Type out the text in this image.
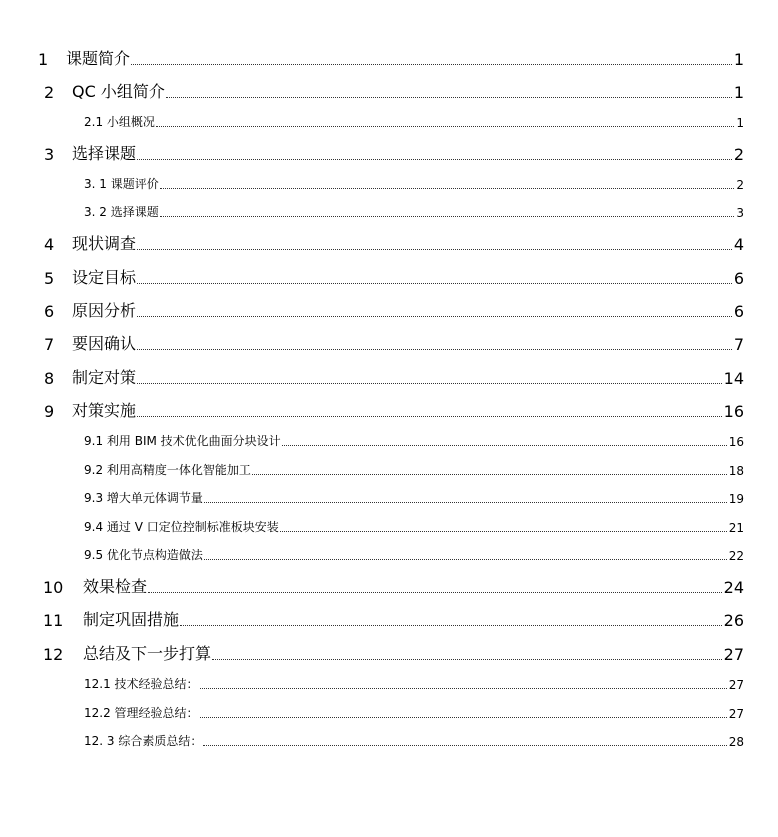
1	课题简介	1
2	QC 小组简介	1
2.1 小组概况	1
3	选择课题	2
3. 1 课题评价	2
3. 2 选择课题	3
4	现状调查	4
5	设定目标	6
6	原因分析	6
7	要因确认	7
8	制定对策	14
9	对策实施	16
9.1 利用 BIM 技术优化曲面分块设计	16
9.2 利用高精度一体化智能加工	18
9.3 增大单元体调节量	19
9.4 通过 V 口定位控制标准板块安装	21
9.5 优化节点构造做法	22
10	效果检查	24
11	制定巩固措施	26
12	总结及下一步打算	27
12.1 技术经验总结：	27
12.2 管理经验总结：	27
12. 3 综合素质总结：	28
